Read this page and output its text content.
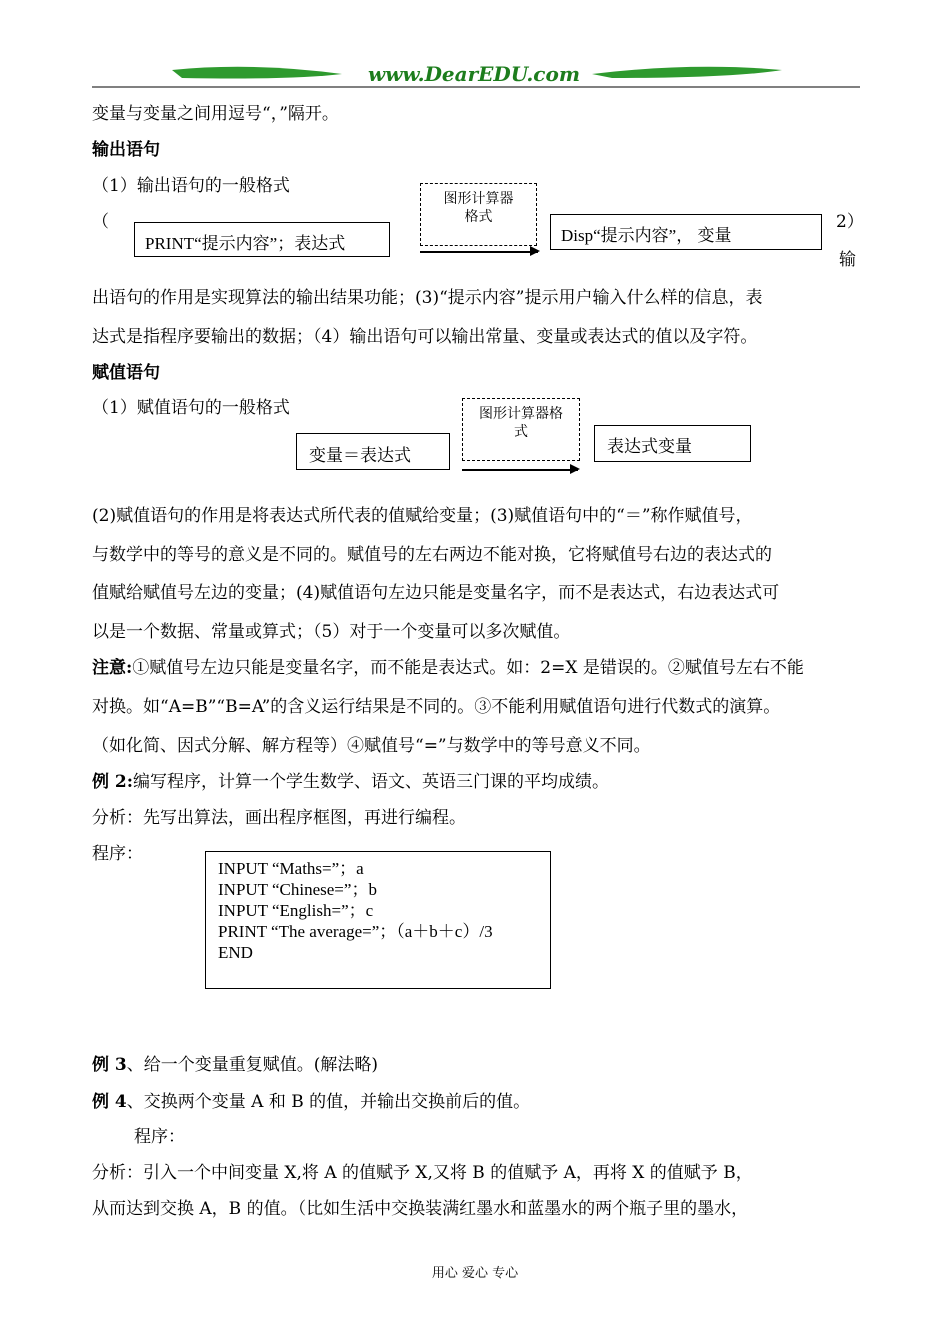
www.DearEDU.com
变量与变量之间用逗号“，”隔开。
输出语句
（1）输出语句的一般格式
（
PRINT“提示内容”；表达式
图形计算器格式
Disp“提示内容”， 变量
2）
输
出语句的作用是实现算法的输出结果功能；(3)“提示内容”提示用户输入什么样的信息，表
达式是指程序要输出的数据；（4）输出语句可以输出常量、变量或表达式的值以及字符。
赋值语句
（1）赋值语句的一般格式
变量＝表达式
图形计算器格式
表达式变量
(2)赋值语句的作用是将表达式所代表的值赋给变量；(3)赋值语句中的“＝”称作赋值号，
与数学中的等号的意义是不同的。赋值号的左右两边不能对换，它将赋值号右边的表达式的
值赋给赋值号左边的变量；(4)赋值语句左边只能是变量名字，而不是表达式，右边表达式可
以是一个数据、常量或算式；（5）对于一个变量可以多次赋值。
注意:①赋值号左边只能是变量名字，而不能是表达式。如：2=X 是错误的。②赋值号左右不能
对换。如“A=B”“B=A”的含义运行结果是不同的。③不能利用赋值语句进行代数式的演算。
（如化简、因式分解、解方程等）④赋值号“=”与数学中的等号意义不同。
例 2:编写程序，计算一个学生数学、语文、英语三门课的平均成绩。
分析：先写出算法，画出程序框图，再进行编程。
程序：
INPUT “Maths=”；a
INPUT “Chinese=”；b
INPUT “English=”；c
PRINT “The average=”；（a＋b＋c）/3
END
例 3、给一个变量重复赋值。(解法略)
例 4、交换两个变量 A 和 B 的值，并输出交换前后的值。
程序：
分析：引入一个中间变量 X,将 A 的值赋予 X,又将 B 的值赋予 A，再将 X 的值赋予 B，
从而达到交换 A，B 的值。（比如生活中交换装满红墨水和蓝墨水的两个瓶子里的墨水，
用心 爱心 专心
